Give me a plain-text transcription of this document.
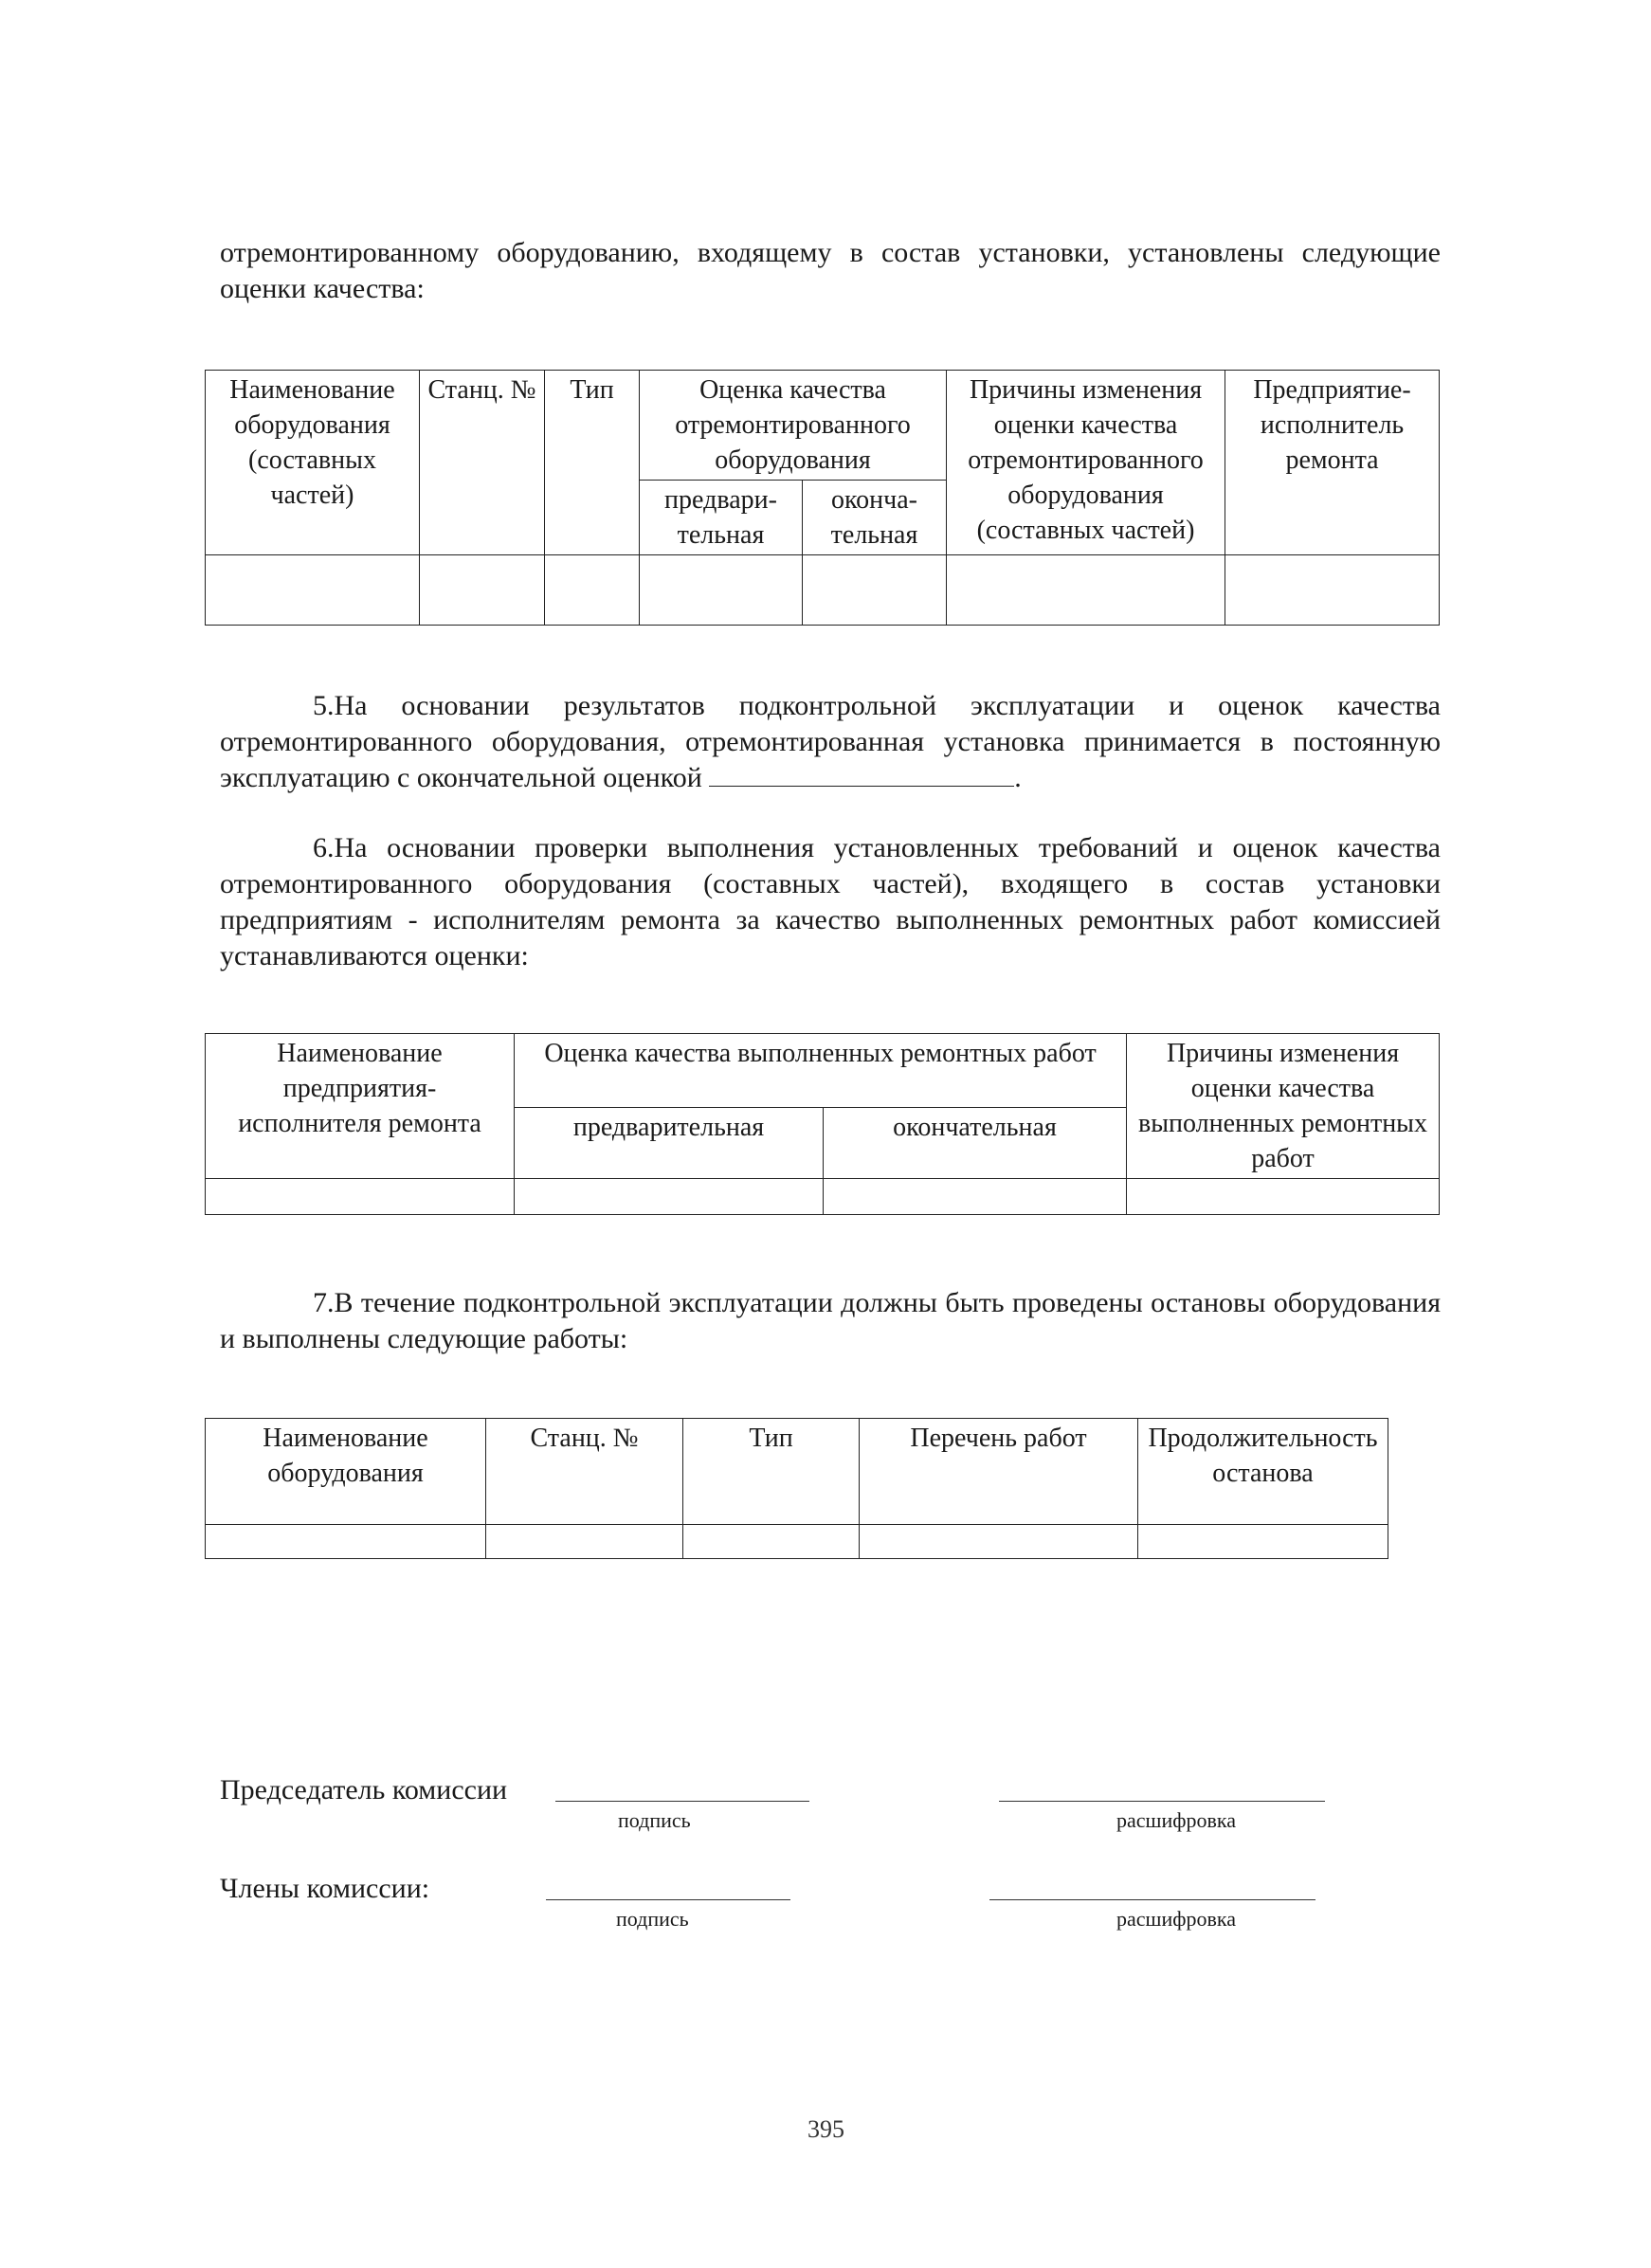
отремонтированному оборудованию, входящему в состав установки, установлены следующие оценки качества:

Наименование оборудования (составных частей)	Станц. №	Тип	Оценка качества отремонтированного оборудования		Причины изменения оценки качества отремонтированного оборудования (составных частей)	Предприятие-исполнитель ремонта
			предвари-тельная	оконча-тельная		

5.На основании результатов подконтрольной эксплуатации и оценок качества отремонтированного оборудования, отремонтированная установка принимается в постоянную эксплуатацию с окончательной оценкой	.

6.На основании проверки выполнения установленных требований и оценок качества отремонтированного оборудования (составных частей), входящего в состав установки предприятиям - исполнителям ремонта за качество выполненных ремонтных работ комиссией устанавливаются оценки:

Наименование предприятия-исполнителя ремонта	Оценка качества выполненных ремонтных работ		Причины изменения оценки качества выполненных ремонтных работ
	предварительная	окончательная	

7.В течение подконтрольной эксплуатации должны быть проведены остановы оборудования и выполнены следующие работы:

Наименование оборудования	Станц. №	Тип	Перечень работ	Продолжительность останова

Председатель комиссии
подпись	расшифровка
Члены комиссии:
подпись	расшифровка
395
